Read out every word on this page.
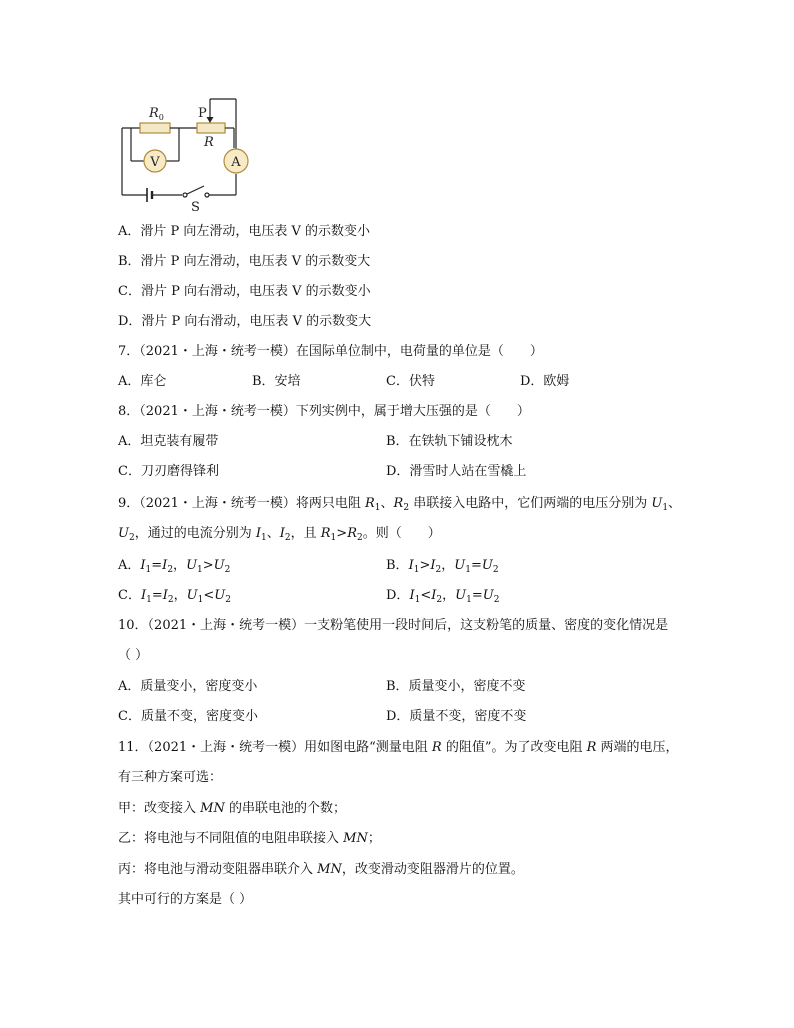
V	A
$R_0$	P
R
S
A．滑片 P 向左滑动，电压表 V 的示数变小
B．滑片 P 向左滑动，电压表 V 的示数变大
C．滑片 P 向右滑动，电压表 V 的示数变小
D．滑片 P 向右滑动，电压表 V 的示数变大
7．（2021・上海・统考一模）在国际单位制中，电荷量的单位是（　　）
A．库仑	B．安培	C．伏特	D．欧姆
8．（2021・上海・统考一模）下列实例中，属于增大压强的是（　　）
A．坦克装有履带	B．在铁轨下铺设枕木
C．刀刃磨得锋利	D．滑雪时人站在雪橇上
9．（2021・上海・统考一模）将两只电阻 $R_1$、$R_2$ 串联接入电路中，它们两端的电压分别为 $U_1$、
$U_2$，通过的电流分别为 $I_1$、$I_2$，且 $R_1>R_2$。则（　　）
A．$I_1=I_2$，$U_1>U_2$	B．$I_1>I_2$，$U_1=U_2$
C．$I_1=I_2$，$U_1<U_2$	D．$I_1<I_2$，$U_1=U_2$
10．（2021・上海・统考一模）一支粉笔使用一段时间后，这支粉笔的质量、密度的变化情况是
（ ）
A．质量变小，密度变小	B．质量变小，密度不变
C．质量不变，密度变小	D．质量不变，密度不变
11．（2021・上海・统考一模）用如图电路“测量电阻 R 的阻值”。为了改变电阻 R 两端的电压，
有三种方案可选：
甲：改变接入 MN 的串联电池的个数；
乙：将电池与不同阻值的电阻串联接入 MN；
丙：将电池与滑动变阻器串联介入 MN，改变滑动变阻器滑片的位置。
其中可行的方案是（ ）
